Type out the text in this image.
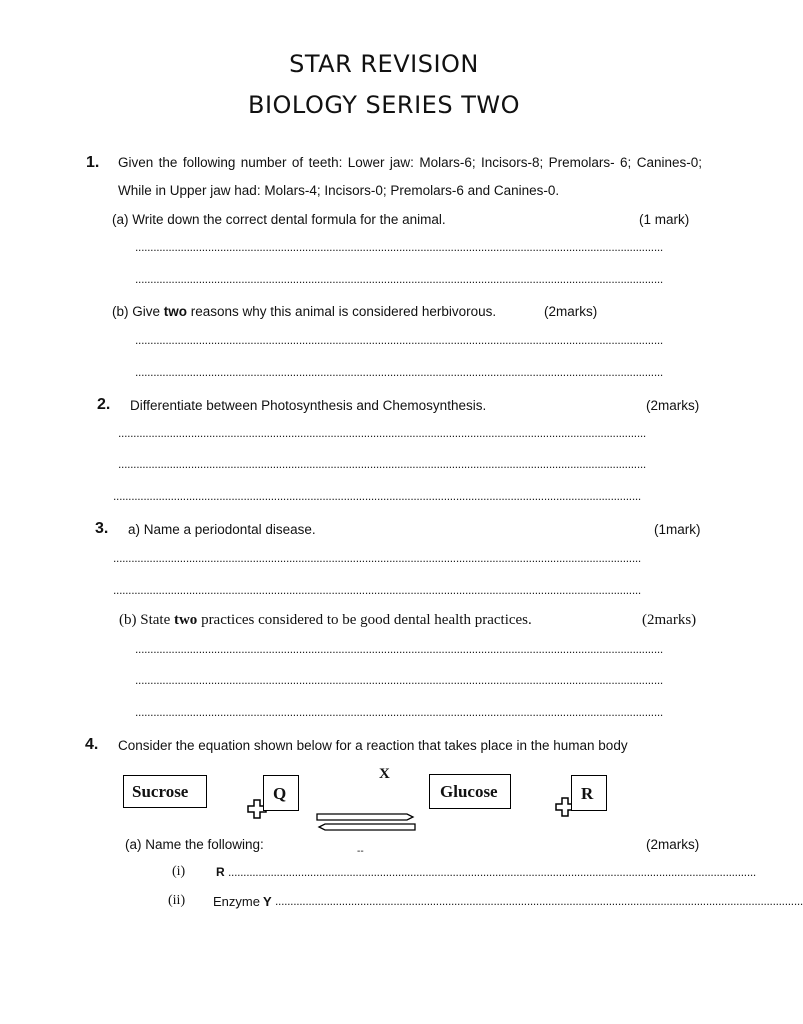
STAR REVISION
BIOLOGY SERIES TWO
1. Given the following number of teeth: Lower jaw: Molars-6; Incisors-8; Premolars- 6; Canines-0;
While in Upper jaw had: Molars-4; Incisors-0; Premolars-6 and Canines-0.
(a) Write down the correct dental formula for the animal.	(1 mark)
..............................................................................................................................................................................
..............................................................................................................................................................................
(b) Give two reasons why this animal is considered herbivorous.	(2marks)
..............................................................................................................................................................................
..............................................................................................................................................................................
2. Differentiate between Photosynthesis and Chemosynthesis.	(2marks)
..............................................................................................................................................................................
..............................................................................................................................................................................
..............................................................................................................................................................................
3. a) Name a periodontal disease.	(1mark)
..............................................................................................................................................................................
..............................................................................................................................................................................
(b) State two practices considered to be good dental health practices.	(2marks)
..............................................................................................................................................................................
..............................................................................................................................................................................
..............................................................................................................................................................................
4. Consider the equation shown below for a reaction that takes place in the human body
Sucrose	Q
X
--
Glucose	R
(a) Name the following:	(2marks)
(i)	R ..............................................................................................................................................................................
(ii) Enzyme Y ..............................................................................................................................................................................
